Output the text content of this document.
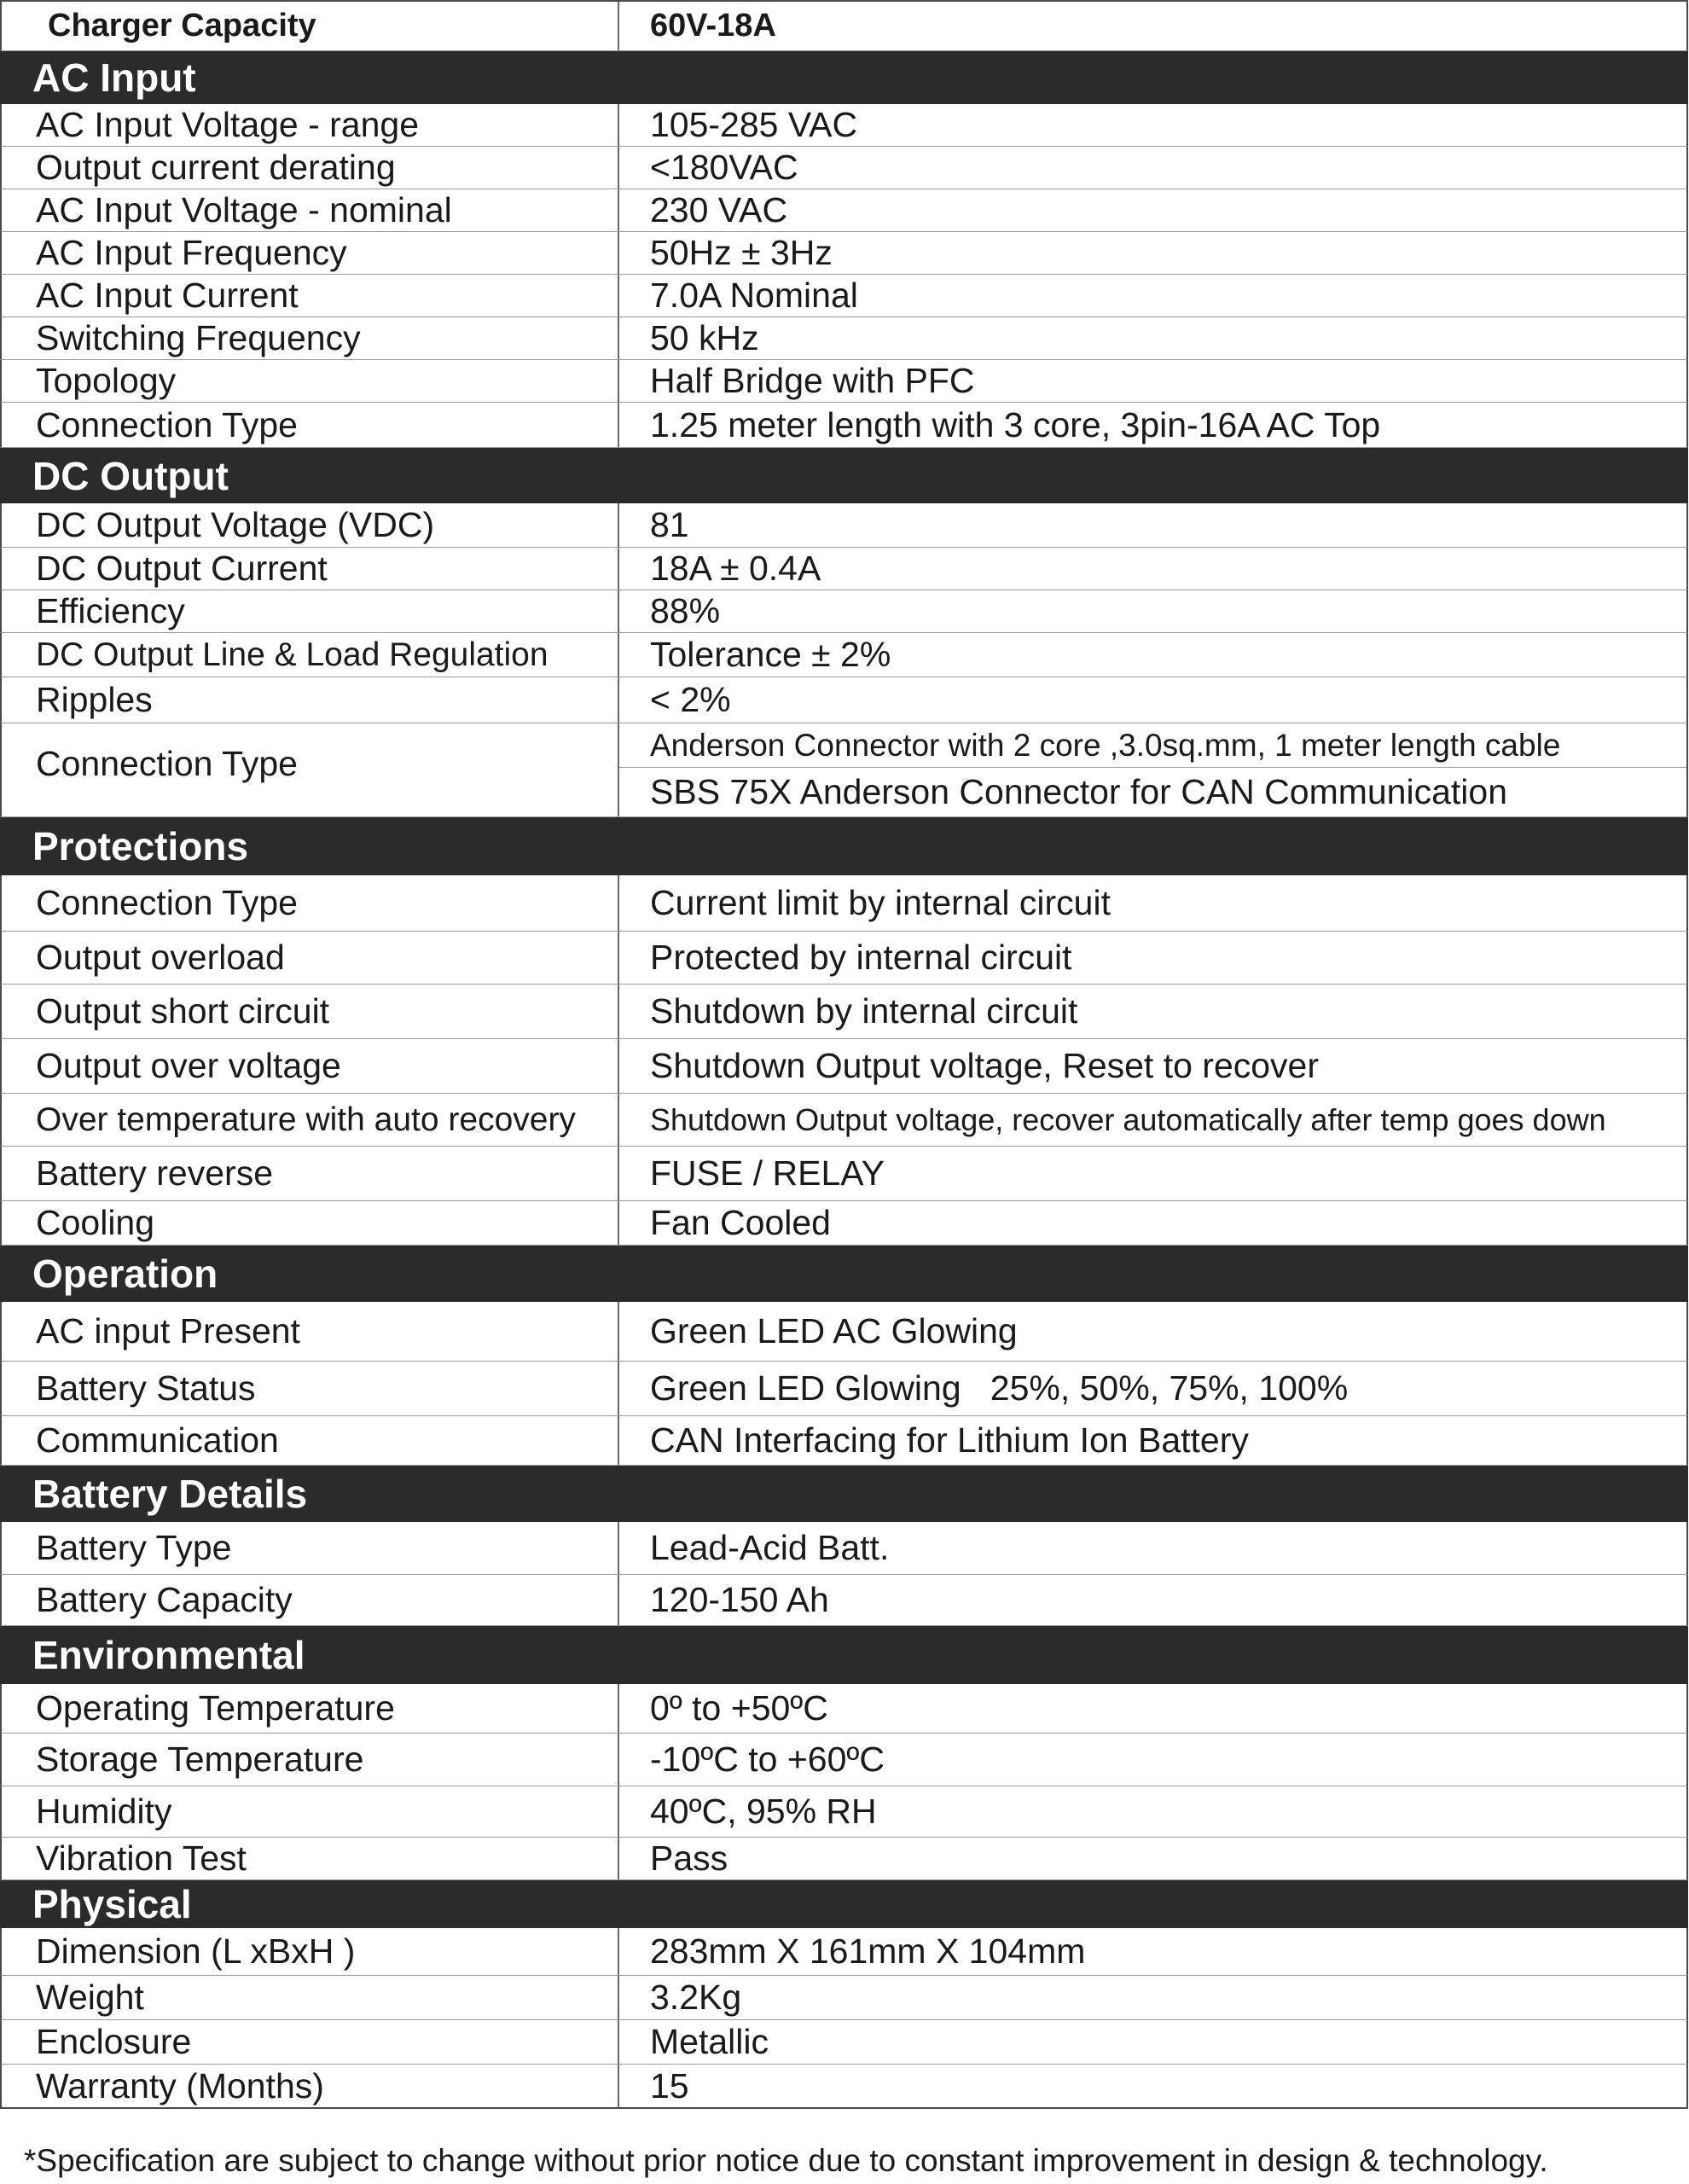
Charger Capacity	60V-18A
AC Input
AC Input Voltage - range	105-285 VAC
Output current derating	<180VAC
AC Input Voltage - nominal	230 VAC
AC Input Frequency	50Hz ± 3Hz
AC Input Current	7.0A Nominal
Switching Frequency	50 kHz
Topology	Half Bridge with PFC
Connection Type	1.25 meter length with 3 core, 3pin-16A AC Top
DC Output
DC Output Voltage (VDC)	81
DC Output Current	18A ± 0.4A
Efficiency	88%
DC Output Line & Load Regulation	Tolerance ± 2%
Ripples	< 2%
Connection Type	Anderson Connector with 2 core ,3.0sq.mm, 1 meter length cable
SBS 75X Anderson Connector for CAN Communication
Protections
Connection Type	Current limit by internal circuit
Output overload	Protected by internal circuit
Output short circuit	Shutdown by internal circuit
Output over voltage	Shutdown Output voltage, Reset to recover
Over temperature with auto recovery	Shutdown Output voltage, recover automatically after temp goes down
Battery reverse	FUSE / RELAY
Cooling	Fan Cooled
Operation
AC input Present	Green LED AC Glowing
Battery Status	Green LED Glowing   25%, 50%, 75%, 100%
Communication	CAN Interfacing for Lithium Ion Battery
Battery Details
Battery Type	Lead-Acid Batt.
Battery Capacity	120-150 Ah
Environmental
Operating Temperature	0º to +50ºC
Storage Temperature	-10ºC to +60ºC
Humidity	40ºC, 95% RH
Vibration Test	Pass
Physical
Dimension (L xBxH )	283mm X 161mm X 104mm
Weight	3.2Kg
Enclosure	Metallic
Warranty (Months)	15
*Specification are subject to change without prior notice due to constant improvement in design & technology.
